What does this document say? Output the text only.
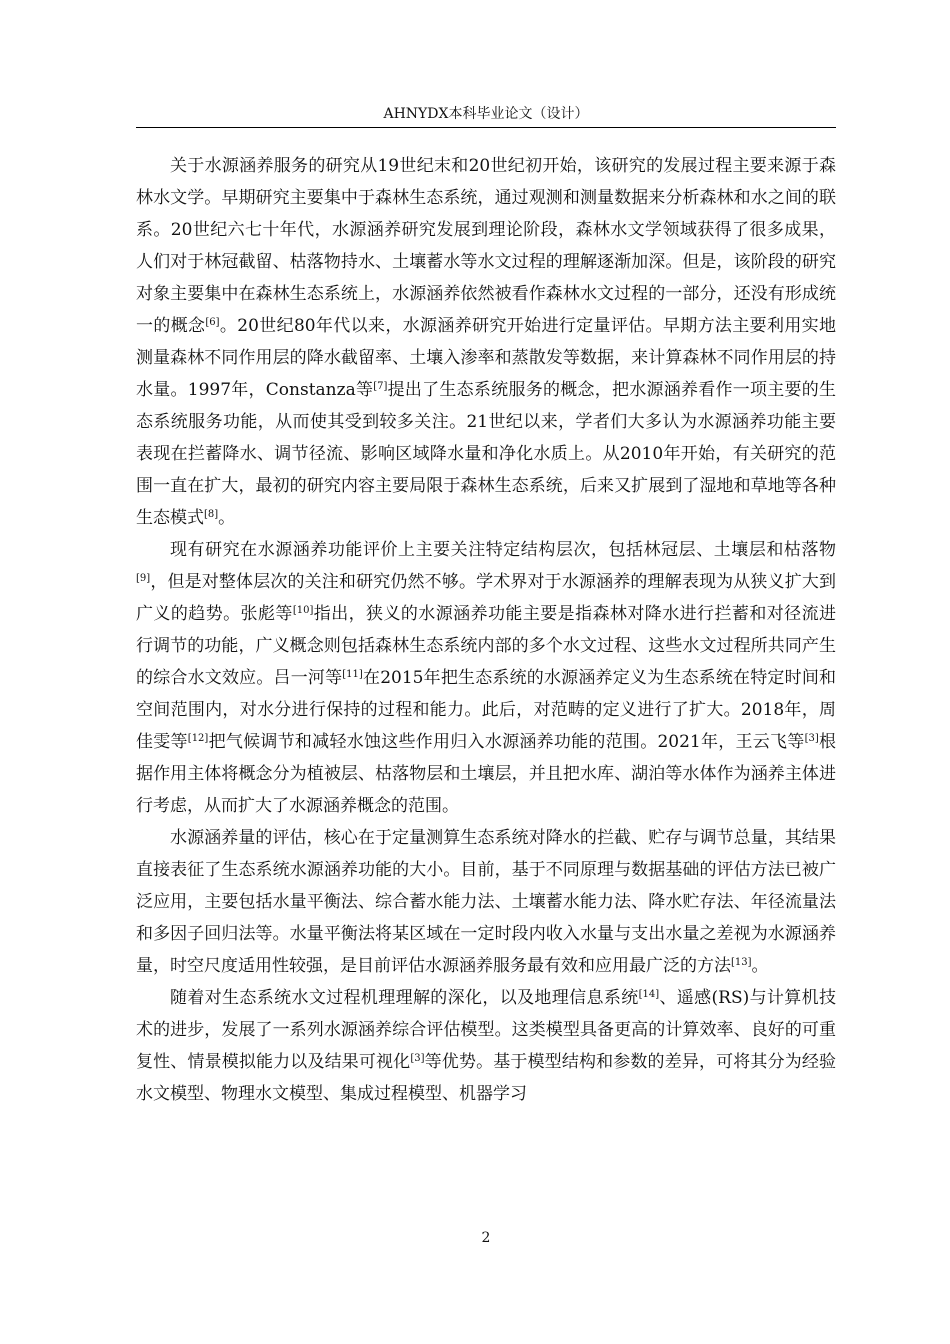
AHNYDX本科毕业论文（设计）

关于水源涵养服务的研究从19世纪末和20世纪初开始，该研究的发展过程主要来源于森林水文学。早期研究主要集中于森林生态系统，通过观测和测量数据来分析森林和水之间的联系。20世纪六七十年代，水源涵养研究发展到理论阶段，森林水文学领域获得了很多成果，人们对于林冠截留、枯落物持水、土壤蓄水等水文过程的理解逐渐加深。但是，该阶段的研究对象主要集中在森林生态系统上，水源涵养依然被看作森林水文过程的一部分，还没有形成统一的概念[6]。20世纪80年代以来，水源涵养研究开始进行定量评估。早期方法主要利用实地测量森林不同作用层的降水截留率、土壤入渗率和蒸散发等数据，来计算森林不同作用层的持水量。1997年，Constanza等[7]提出了生态系统服务的概念，把水源涵养看作一项主要的生态系统服务功能，从而使其受到较多关注。21世纪以来，学者们大多认为水源涵养功能主要表现在拦蓄降水、调节径流、影响区域降水量和净化水质上。从2010年开始，有关研究的范围一直在扩大，最初的研究内容主要局限于森林生态系统，后来又扩展到了湿地和草地等各种生态模式[8]。

现有研究在水源涵养功能评价上主要关注特定结构层次，包括林冠层、土壤层和枯落物[9]，但是对整体层次的关注和研究仍然不够。学术界对于水源涵养的理解表现为从狭义扩大到广义的趋势。张彪等[10]指出，狭义的水源涵养功能主要是指森林对降水进行拦蓄和对径流进行调节的功能，广义概念则包括森林生态系统内部的多个水文过程、这些水文过程所共同产生的综合水文效应。吕一河等[11]在2015年把生态系统的水源涵养定义为生态系统在特定时间和空间范围内，对水分进行保持的过程和能力。此后，对范畴的定义进行了扩大。2018年，周佳雯等[12]把气候调节和减轻水蚀这些作用归入水源涵养功能的范围。2021年，王云飞等[3]根据作用主体将概念分为植被层、枯落物层和土壤层，并且把水库、湖泊等水体作为涵养主体进行考虑，从而扩大了水源涵养概念的范围。

水源涵养量的评估，核心在于定量测算生态系统对降水的拦截、贮存与调节总量，其结果直接表征了生态系统水源涵养功能的大小。目前，基于不同原理与数据基础的评估方法已被广泛应用，主要包括水量平衡法、综合蓄水能力法、土壤蓄水能力法、降水贮存法、年径流量法和多因子回归法等。水量平衡法将某区域在一定时段内收入水量与支出水量之差视为水源涵养量，时空尺度适用性较强，是目前评估水源涵养服务最有效和应用最广泛的方法[13]。

随着对生态系统水文过程机理理解的深化，以及地理信息系统[14]、遥感(RS)与计算机技术的进步，发展了一系列水源涵养综合评估模型。这类模型具备更高的计算效率、良好的可重复性、情景模拟能力以及结果可视化[3]等优势。基于模型结构和参数的差异，可将其分为经验水文模型、物理水文模型、集成过程模型、机器学习

2
